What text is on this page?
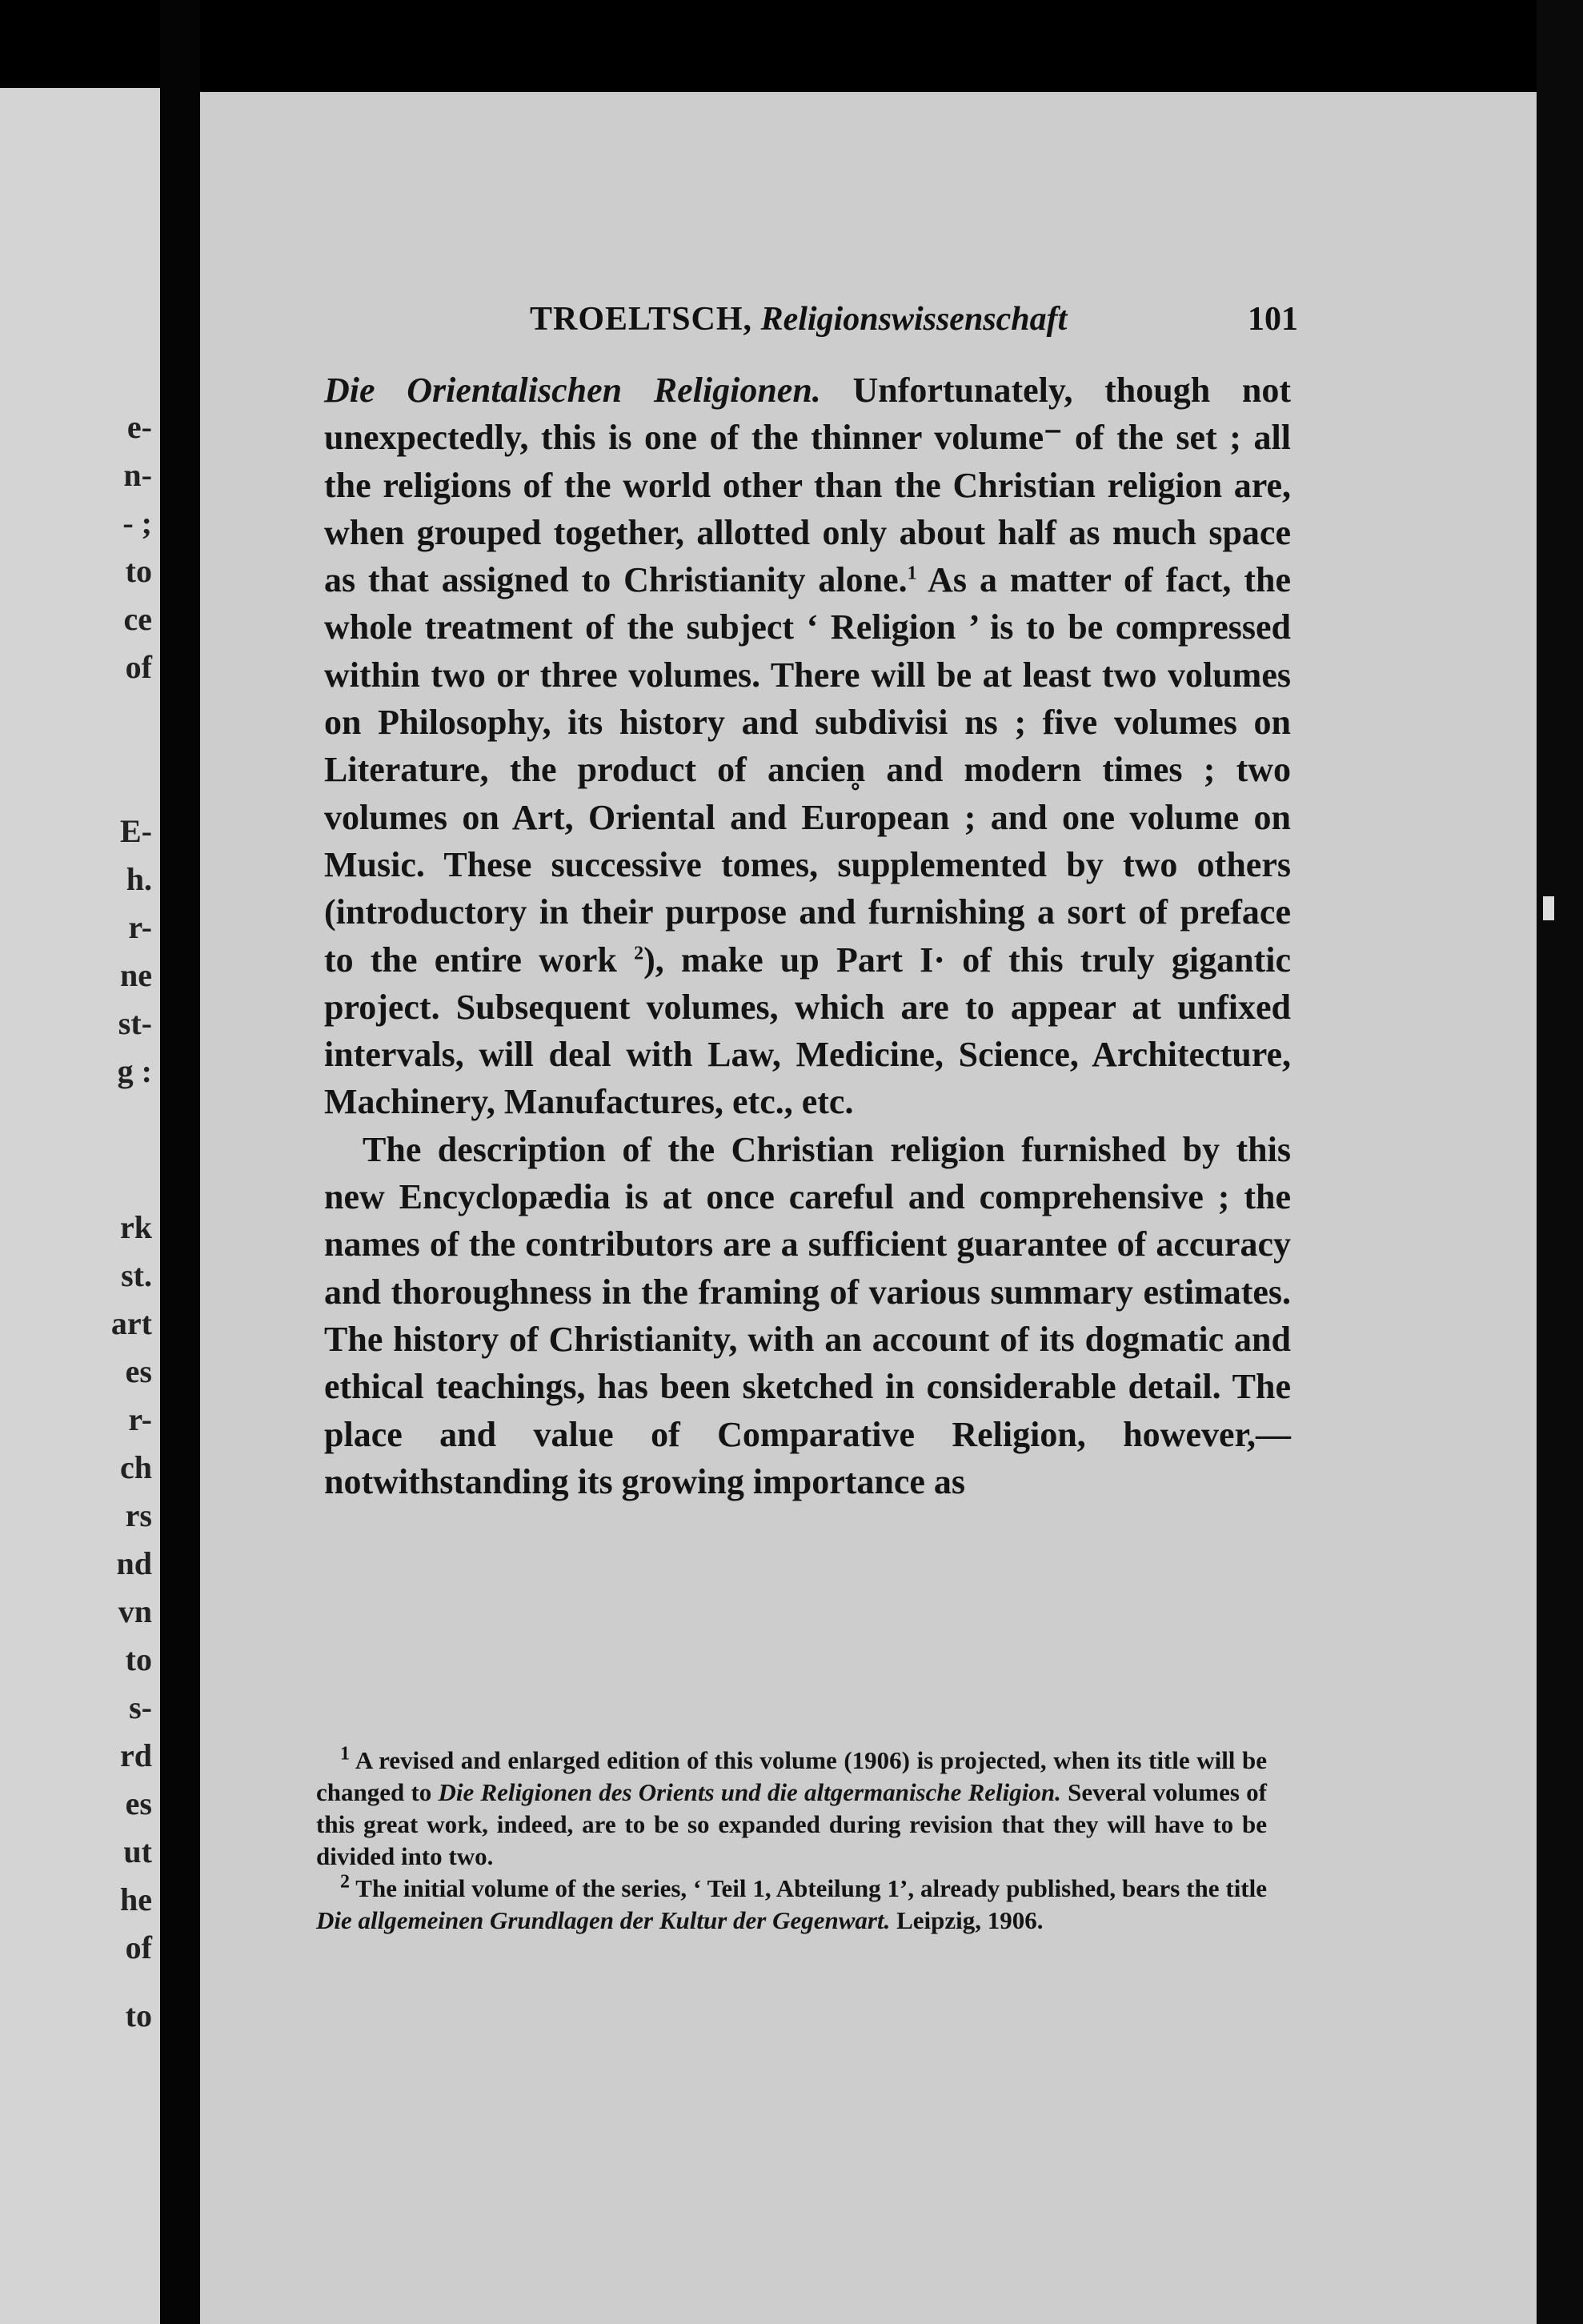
e-
n-
- ;
to
ce
of
E-
h.
r-
ne
st-
g :
rk
st.
art
es
r-
ch
rs
nd
vn
to
s-
rd
es
ut
he
of
to
TROELTSCH, Religionswissenschaft	101

Die Orientalischen Religionen. Unfortunately, though not unexpectedly, this is one of the thinner volume⁻ of the set ; all the religions of the world other than the Christian religion are, when grouped together, allotted only about half as much space as that assigned to Christianity alone.$^1$ As a matter of fact, the whole treatment of the subject ‘ Religion ’ is to be compressed within two or three volumes. There will be at least two volumes on Philosophy, its history and subdivisi ns ; five volumes on Literature, the product of ancien̥ and modern times ; two volumes on Art, Oriental and European ; and one volume on Music. These successive tomes, supplemented by two others (introductory in their purpose and furnishing a sort of preface to the entire work $^2$), make up Part I· of this truly gigantic project. Subsequent volumes, which are to appear at unfixed intervals, will deal with Law, Medicine, Science, Architecture, Machinery, Manufactures, etc., etc.

The description of the Christian religion furnished by this new Encyclopædia is at once careful and comprehensive ; the names of the contributors are a sufficient guarantee of accuracy and thoroughness in the framing of various summary estimates. The history of Christianity, with an account of its dogmatic and ethical teachings, has been sketched in considerable detail. The place and value of Comparative Religion, however,—notwithstanding its growing importance as

$^1$ A revised and enlarged edition of this volume (1906) is projected, when its title will be changed to Die Religionen des Orients und die altgermanische Religion. Several volumes of this great work, indeed, are to be so expanded during revision that they will have to be divided into two.

$^2$ The initial volume of the series, ‘ Teil 1, Abteilung 1’, already published, bears the title Die allgemeinen Grundlagen der Kultur der Gegenwart. Leipzig, 1906.
